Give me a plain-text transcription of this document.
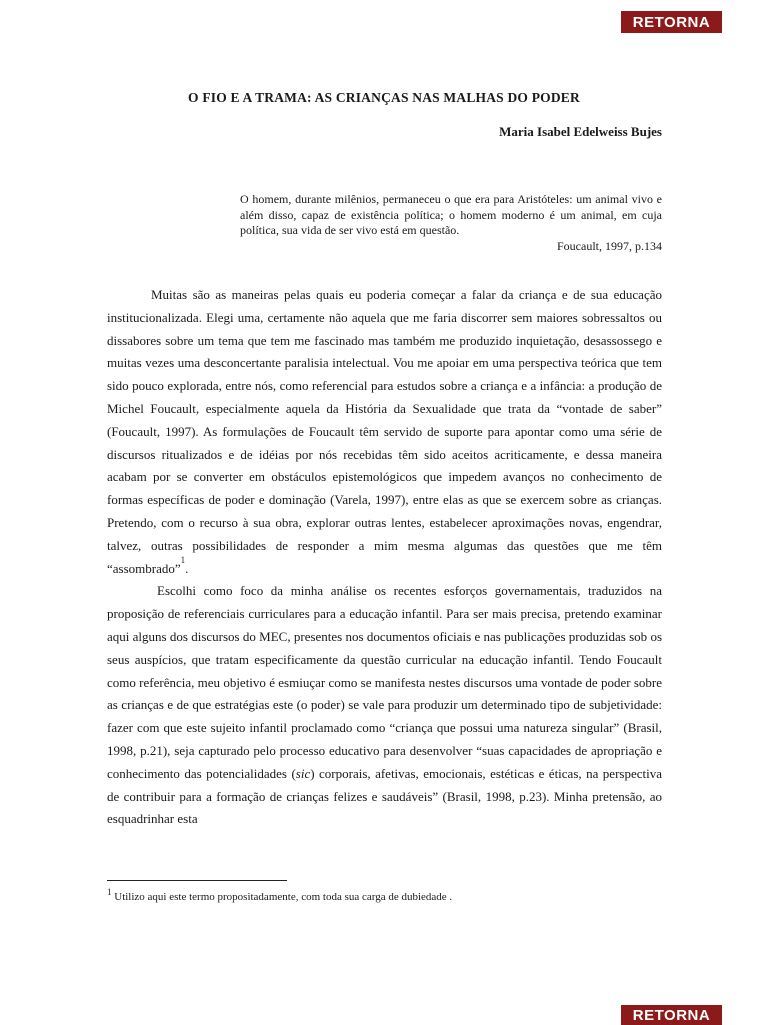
RETORNA
O FIO E A TRAMA: AS CRIANÇAS NAS MALHAS DO PODER
Maria Isabel Edelweiss Bujes
O homem, durante milênios, permaneceu o que era para Aristóteles: um animal vivo e além disso, capaz de existência política; o homem moderno é um animal, em cuja política, sua vida de ser vivo está em questão.
Foucault, 1997, p.134

Muitas são as maneiras pelas quais eu poderia começar a falar da criança e de sua educação institucionalizada. Elegi uma, certamente não aquela que me faria discorrer sem maiores sobressaltos ou dissabores sobre um tema que tem me fascinado mas também me produzido inquietação, desassossego e muitas vezes uma desconcertante paralisia intelectual. Vou me apoiar em uma perspectiva teórica que tem sido pouco explorada, entre nós, como referencial para estudos sobre a criança e a infância: a produção de Michel Foucault, especialmente aquela da História da Sexualidade que trata da “vontade de saber” (Foucault, 1997). As formulações de Foucault têm servido de suporte para apontar como uma série de discursos ritualizados e de idéias por nós recebidas têm sido aceitos acriticamente, e dessa maneira acabam por se converter em obstáculos epistemológicos que impedem avanços no conhecimento de formas específicas de poder e dominação (Varela, 1997), entre elas as que se exercem sobre as crianças. Pretendo, com o recurso à sua obra, explorar outras lentes, estabelecer aproximações novas, engendrar, talvez, outras possibilidades de responder a mim mesma algumas das questões que me têm “assombrado”$^1$.

Escolhi como foco da minha análise os recentes esforços governamentais, traduzidos na proposição de referenciais curriculares para a educação infantil. Para ser mais precisa, pretendo examinar aqui alguns dos discursos do MEC, presentes nos documentos oficiais e nas publicações produzidas sob os seus auspícios, que tratam especificamente da questão curricular na educação infantil. Tendo Foucault como referência, meu objetivo é esmiuçar como se manifesta nestes discursos uma vontade de poder sobre as crianças e de que estratégias este (o poder) se vale para produzir um determinado tipo de subjetividade: fazer com que este sujeito infantil proclamado como “criança que possui uma natureza singular” (Brasil, 1998, p.21), seja capturado pelo processo educativo para desenvolver “suas capacidades de apropriação e conhecimento das potencialidades (sic) corporais, afetivas, emocionais, estéticas e éticas, na perspectiva de contribuir para a formação de crianças felizes e saudáveis” (Brasil, 1998, p.23). Minha pretensão, ao esquadrinhar esta

$^1$ Utilizo aqui este termo propositadamente, com toda sua carga de dubiedade .
RETORNA
